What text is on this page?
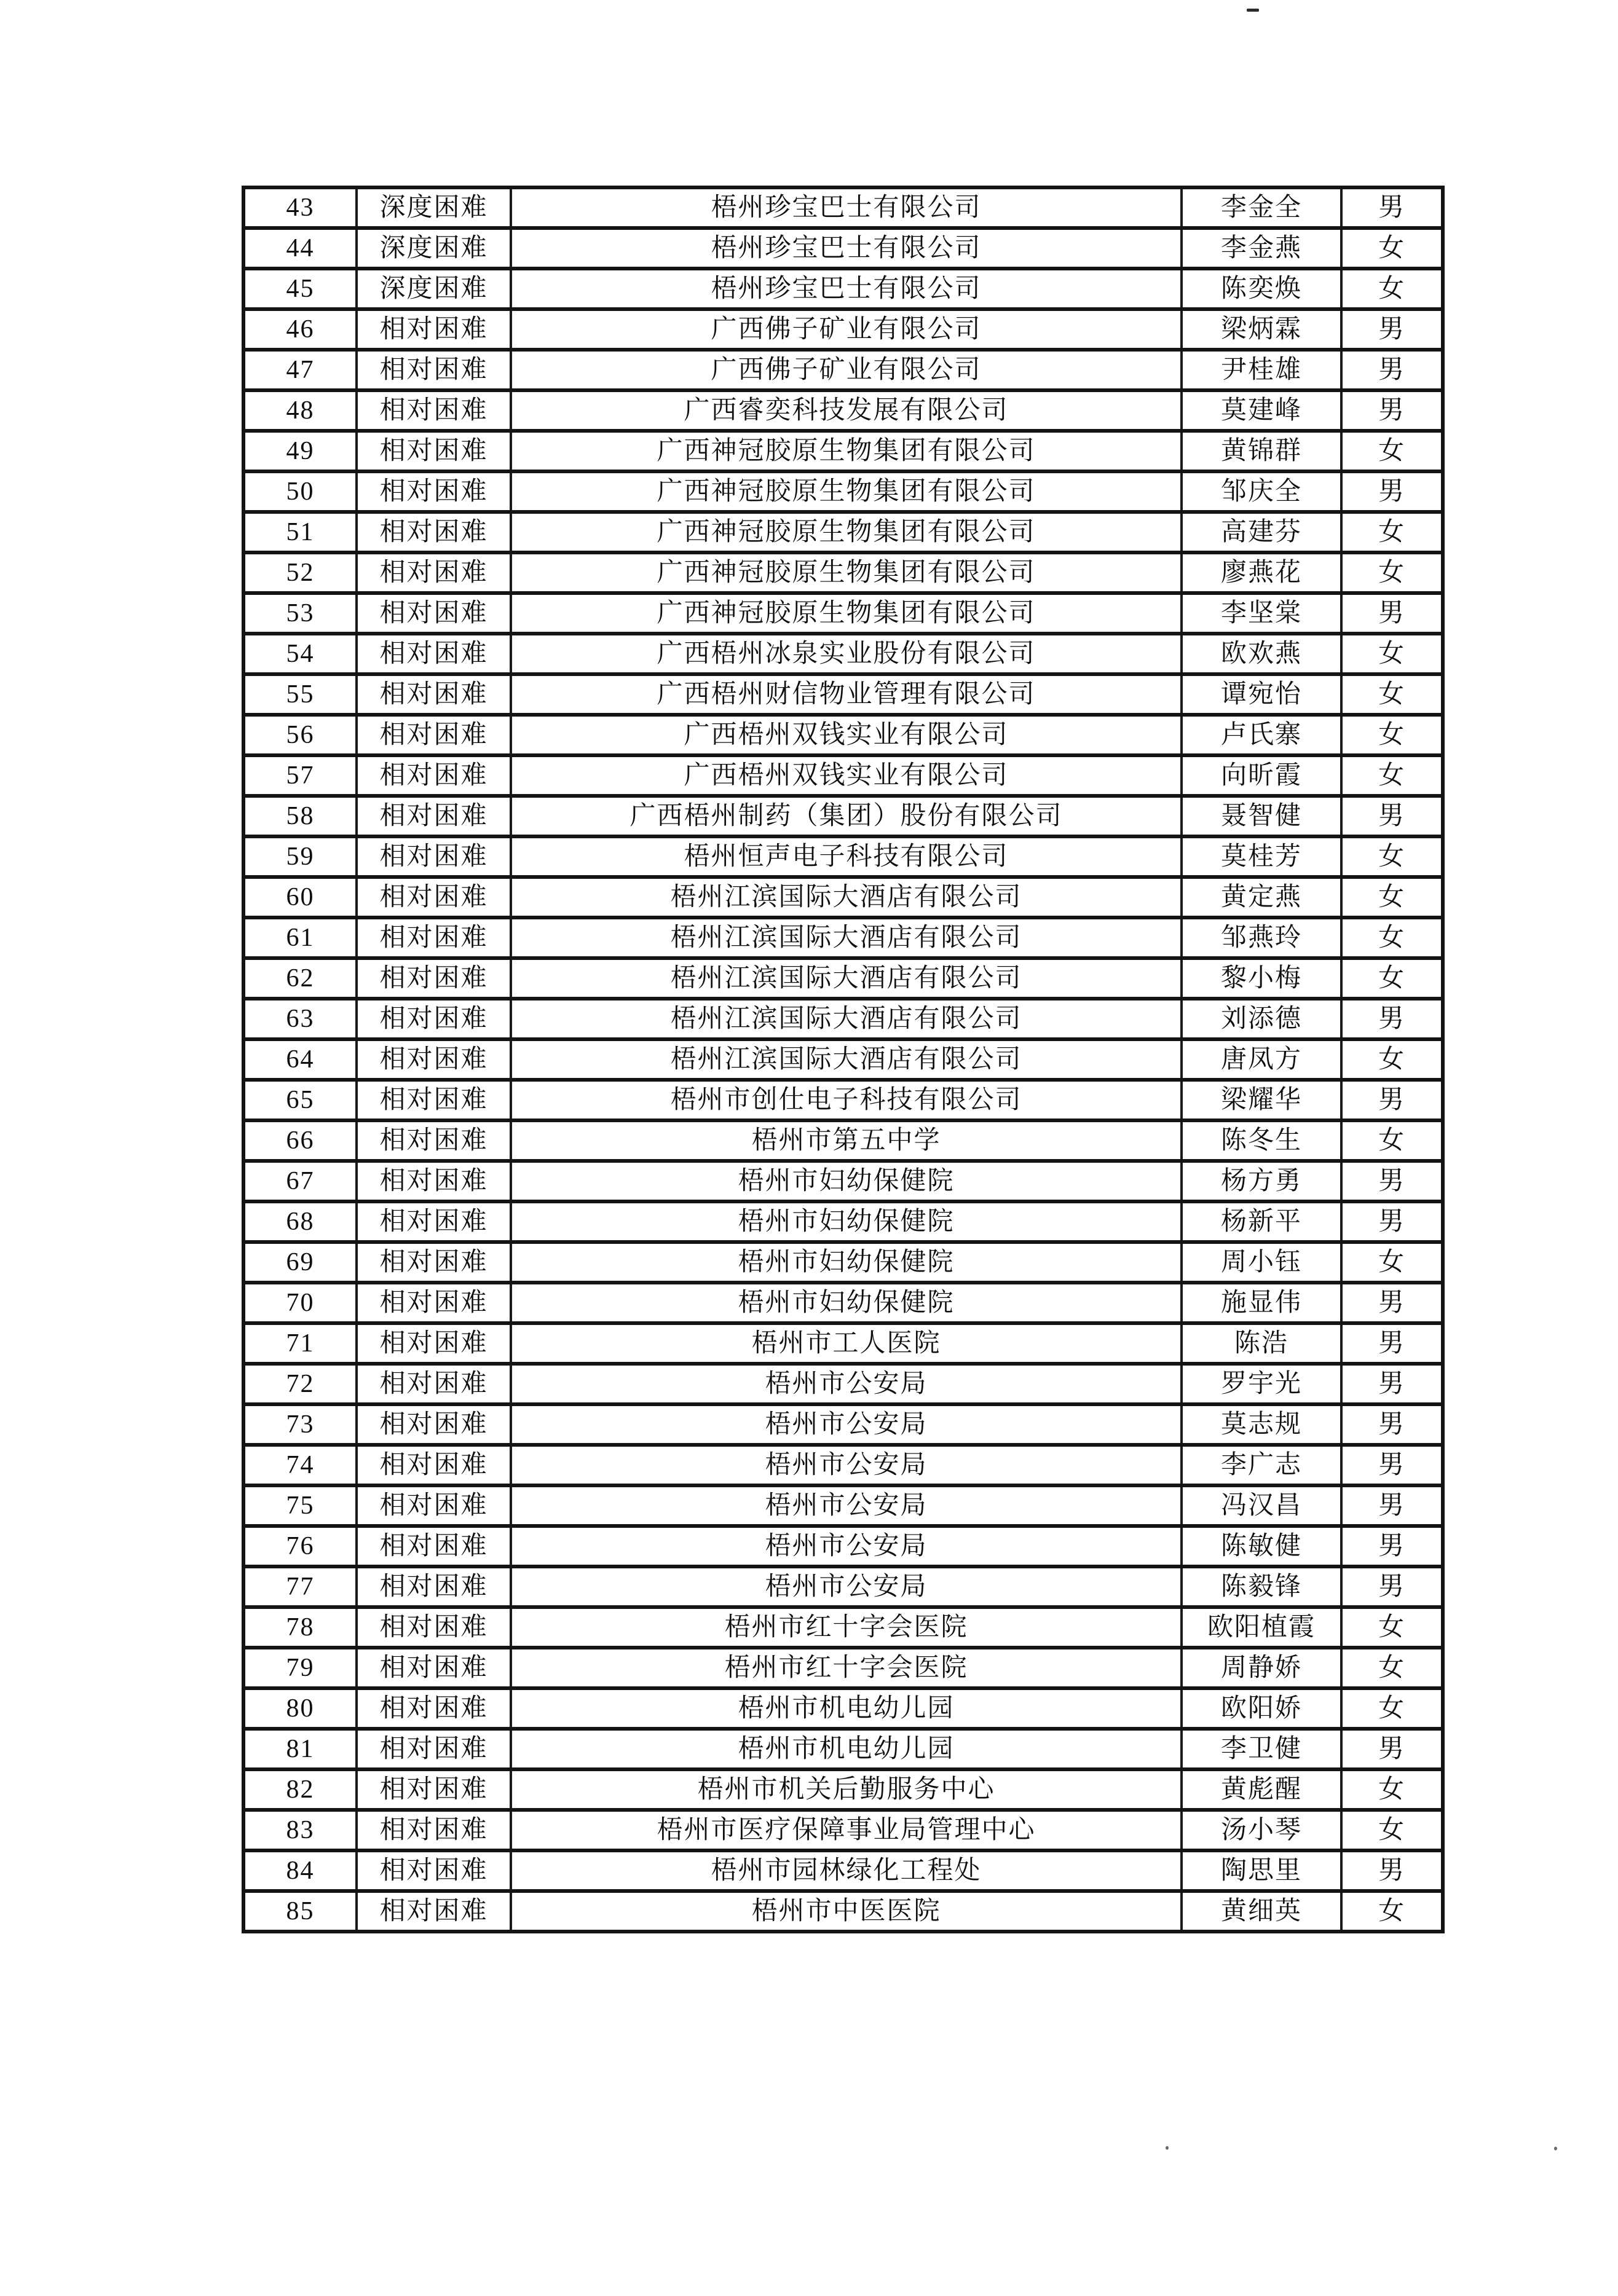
43	深度困难	梧州珍宝巴士有限公司	李金全	男
44	深度困难	梧州珍宝巴士有限公司	李金燕	女
45	深度困难	梧州珍宝巴士有限公司	陈奕焕	女
46	相对困难	广西佛子矿业有限公司	梁炳霖	男
47	相对困难	广西佛子矿业有限公司	尹桂雄	男
48	相对困难	广西睿奕科技发展有限公司	莫建峰	男
49	相对困难	广西神冠胶原生物集团有限公司	黄锦群	女
50	相对困难	广西神冠胶原生物集团有限公司	邹庆全	男
51	相对困难	广西神冠胶原生物集团有限公司	高建芬	女
52	相对困难	广西神冠胶原生物集团有限公司	廖燕花	女
53	相对困难	广西神冠胶原生物集团有限公司	李坚棠	男
54	相对困难	广西梧州冰泉实业股份有限公司	欧欢燕	女
55	相对困难	广西梧州财信物业管理有限公司	谭宛怡	女
56	相对困难	广西梧州双钱实业有限公司	卢氏寨	女
57	相对困难	广西梧州双钱实业有限公司	向昕霞	女
58	相对困难	广西梧州制药（集团）股份有限公司	聂智健	男
59	相对困难	梧州恒声电子科技有限公司	莫桂芳	女
60	相对困难	梧州江滨国际大酒店有限公司	黄定燕	女
61	相对困难	梧州江滨国际大酒店有限公司	邹燕玲	女
62	相对困难	梧州江滨国际大酒店有限公司	黎小梅	女
63	相对困难	梧州江滨国际大酒店有限公司	刘添德	男
64	相对困难	梧州江滨国际大酒店有限公司	唐凤方	女
65	相对困难	梧州市创仕电子科技有限公司	梁耀华	男
66	相对困难	梧州市第五中学	陈冬生	女
67	相对困难	梧州市妇幼保健院	杨方勇	男
68	相对困难	梧州市妇幼保健院	杨新平	男
69	相对困难	梧州市妇幼保健院	周小钰	女
70	相对困难	梧州市妇幼保健院	施显伟	男
71	相对困难	梧州市工人医院	陈浩	男
72	相对困难	梧州市公安局	罗宇光	男
73	相对困难	梧州市公安局	莫志规	男
74	相对困难	梧州市公安局	李广志	男
75	相对困难	梧州市公安局	冯汉昌	男
76	相对困难	梧州市公安局	陈敏健	男
77	相对困难	梧州市公安局	陈毅锋	男
78	相对困难	梧州市红十字会医院	欧阳植霞	女
79	相对困难	梧州市红十字会医院	周静娇	女
80	相对困难	梧州市机电幼儿园	欧阳娇	女
81	相对困难	梧州市机电幼儿园	李卫健	男
82	相对困难	梧州市机关后勤服务中心	黄彪醒	女
83	相对困难	梧州市医疗保障事业局管理中心	汤小琴	女
84	相对困难	梧州市园林绿化工程处	陶思里	男
85	相对困难	梧州市中医医院	黄细英	女
